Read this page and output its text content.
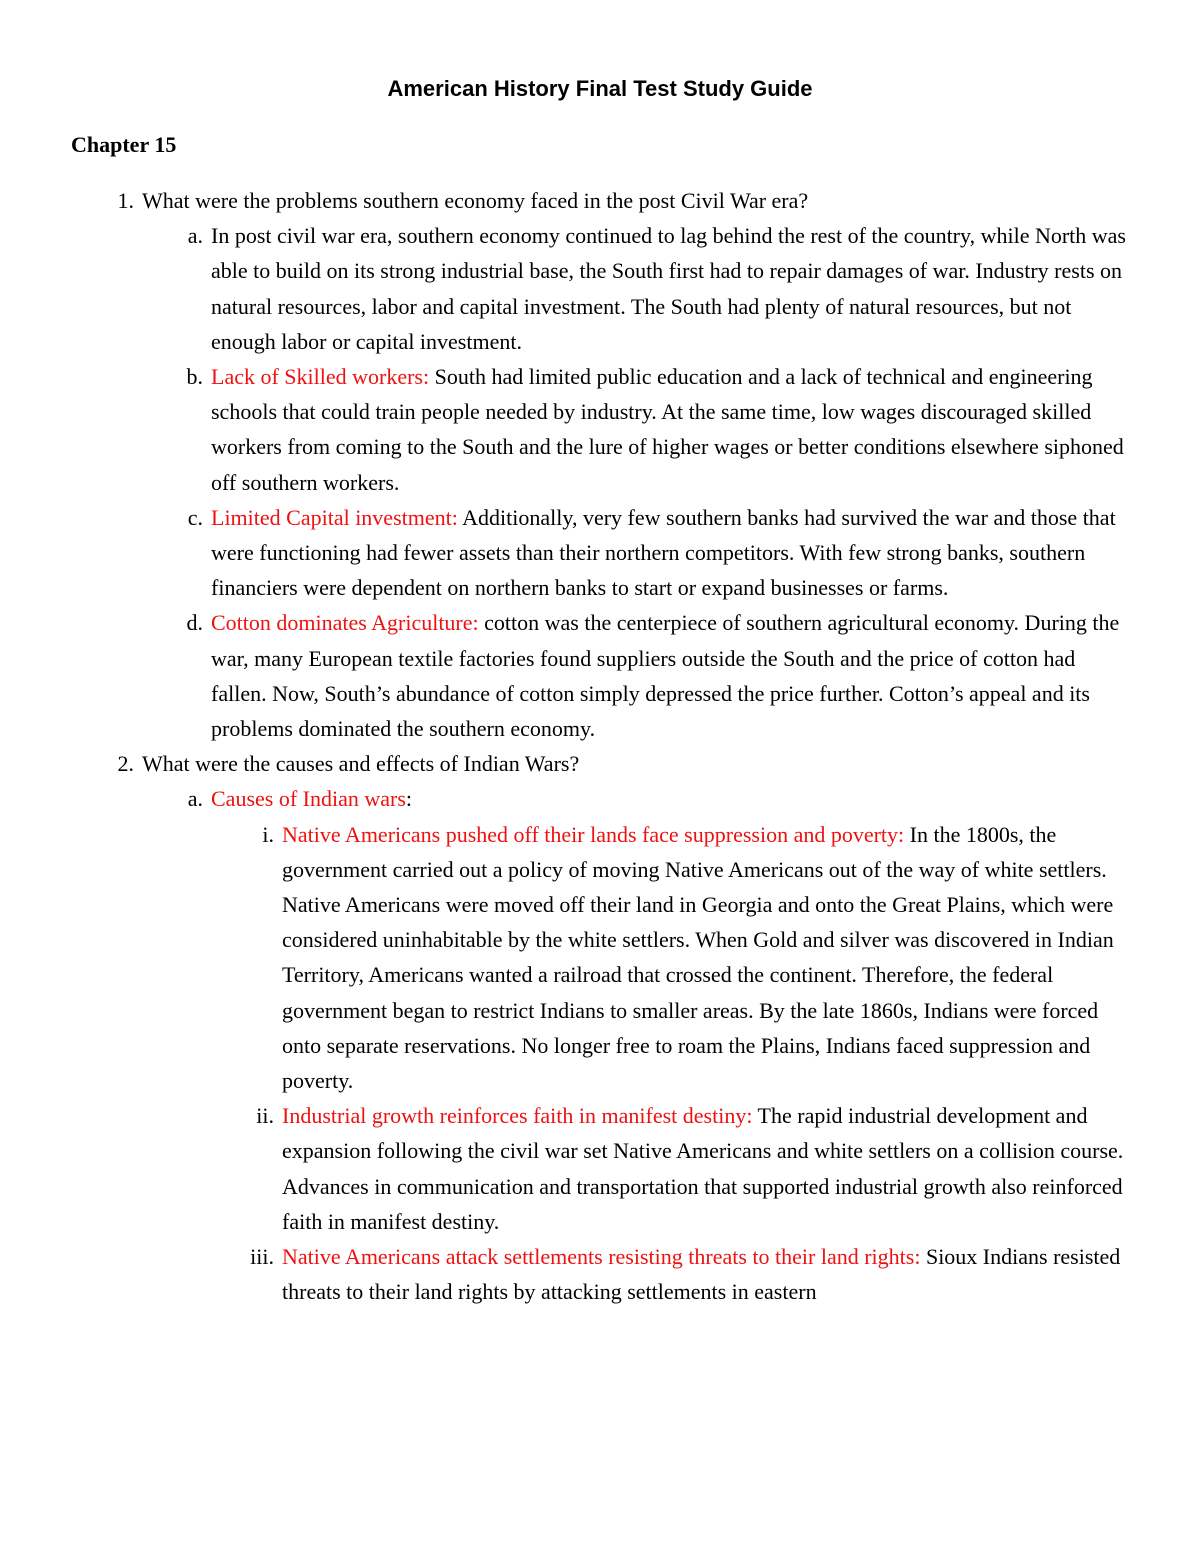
American History Final Test Study Guide
Chapter 15
1. What were the problems southern economy faced in the post Civil War era?
a. In post civil war era, southern economy continued to lag behind the rest of the country, while North was able to build on its strong industrial base, the South first had to repair damages of war. Industry rests on natural resources, labor and capital investment. The South had plenty of natural resources, but not enough labor or capital investment.
b. Lack of Skilled workers: South had limited public education and a lack of technical and engineering schools that could train people needed by industry. At the same time, low wages discouraged skilled workers from coming to the South and the lure of higher wages or better conditions elsewhere siphoned off southern workers.
c. Limited Capital investment: Additionally, very few southern banks had survived the war and those that were functioning had fewer assets than their northern competitors. With few strong banks, southern financiers were dependent on northern banks to start or expand businesses or farms.
d. Cotton dominates Agriculture: cotton was the centerpiece of southern agricultural economy. During the war, many European textile factories found suppliers outside the South and the price of cotton had fallen. Now, South’s abundance of cotton simply depressed the price further. Cotton’s appeal and its problems dominated the southern economy.
2. What were the causes and effects of Indian Wars?
a. Causes of Indian wars:
i. Native Americans pushed off their lands face suppression and poverty: In the 1800s, the government carried out a policy of moving Native Americans out of the way of white settlers. Native Americans were moved off their land in Georgia and onto the Great Plains, which were considered uninhabitable by the white settlers. When Gold and silver was discovered in Indian Territory, Americans wanted a railroad that crossed the continent. Therefore, the federal government began to restrict Indians to smaller areas. By the late 1860s, Indians were forced onto separate reservations. No longer free to roam the Plains, Indians faced suppression and poverty.
ii. Industrial growth reinforces faith in manifest destiny: The rapid industrial development and expansion following the civil war set Native Americans and white settlers on a collision course. Advances in communication and transportation that supported industrial growth also reinforced faith in manifest destiny.
iii. Native Americans attack settlements resisting threats to their land rights: Sioux Indians resisted threats to their land rights by attacking settlements in eastern
